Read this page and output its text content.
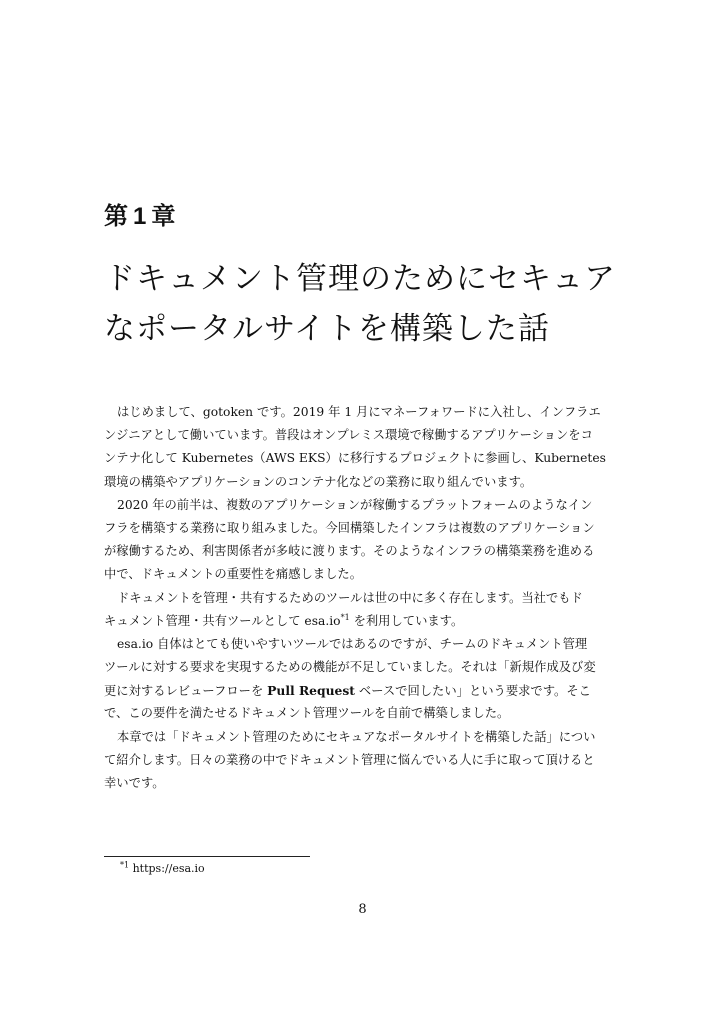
第 1 章
ドキュメント管理のためにセキュア
なポータルサイトを構築した話
はじめまして、gotoken です。2019 年 1 月にマネーフォワードに入社し、インフラエ
ンジニアとして働いています。普段はオンプレミス環境で稼働するアプリケーションをコ
ンテナ化して Kubernetes（AWS EKS）に移行するプロジェクトに参画し、Kubernetes
環境の構築やアプリケーションのコンテナ化などの業務に取り組んでいます。
2020 年の前半は、複数のアプリケーションが稼働するプラットフォームのようなイン
フラを構築する業務に取り組みました。今回構築したインフラは複数のアプリケーション
が稼働するため、利害関係者が多岐に渡ります。そのようなインフラの構築業務を進める
中で、ドキュメントの重要性を痛感しました。
ドキュメントを管理・共有するためのツールは世の中に多く存在します。当社でもド
キュメント管理・共有ツールとして $esa.io^{*1}$ を利用しています。
esa.io 自体はとても使いやすいツールではあるのですが、チームのドキュメント管理
ツールに対する要求を実現するための機能が不足していました。それは「新規作成及び変
更に対するレビューフローを Pull Request ベースで回したい」という要求です。そこ
で、この要件を満たせるドキュメント管理ツールを自前で構築しました。
本章では「ドキュメント管理のためにセキュアなポータルサイトを構築した話」につい
て紹介します。日々の業務の中でドキュメント管理に悩んでいる人に手に取って頂けると
幸いです。
$^{*1}$ https://esa.io
8
